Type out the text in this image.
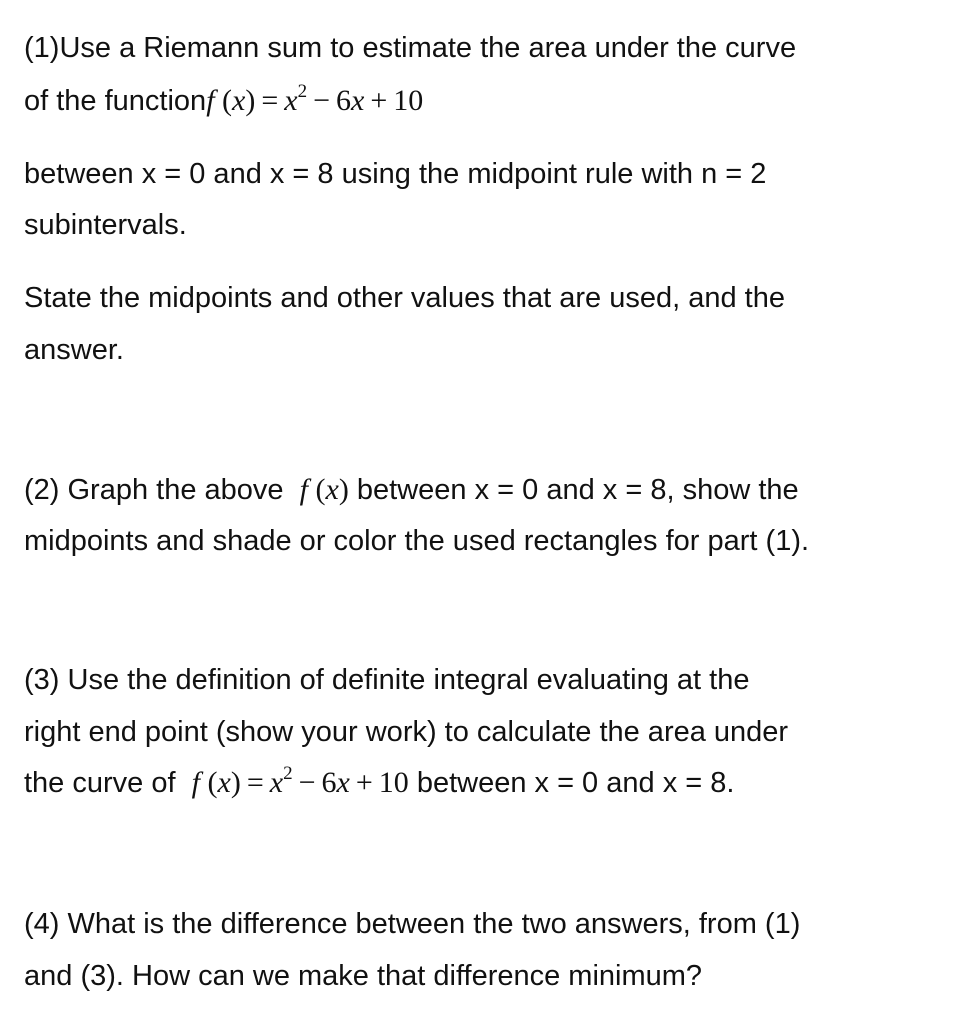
(1)Use a Riemann sum to estimate the area under the curve
of the functionf $(x) = x^2 - 6x + 10$
between x = 0 and x = 8 using the midpoint rule with n = 2
subintervals.
State the midpoints and other values that are used, and the
answer.
(2) Graph the above f (x) between x = 0 and x = 8, show the
midpoints and shade or color the used rectangles for part (1).
(3) Use the definition of definite integral evaluating at the
right end point (show your work) to calculate the area under
the curve of f $(x) = x^2 - 6x + 10$ between x = 0 and x = 8.
(4) What is the difference between the two answers, from (1)
and (3). How can we make that difference minimum?
